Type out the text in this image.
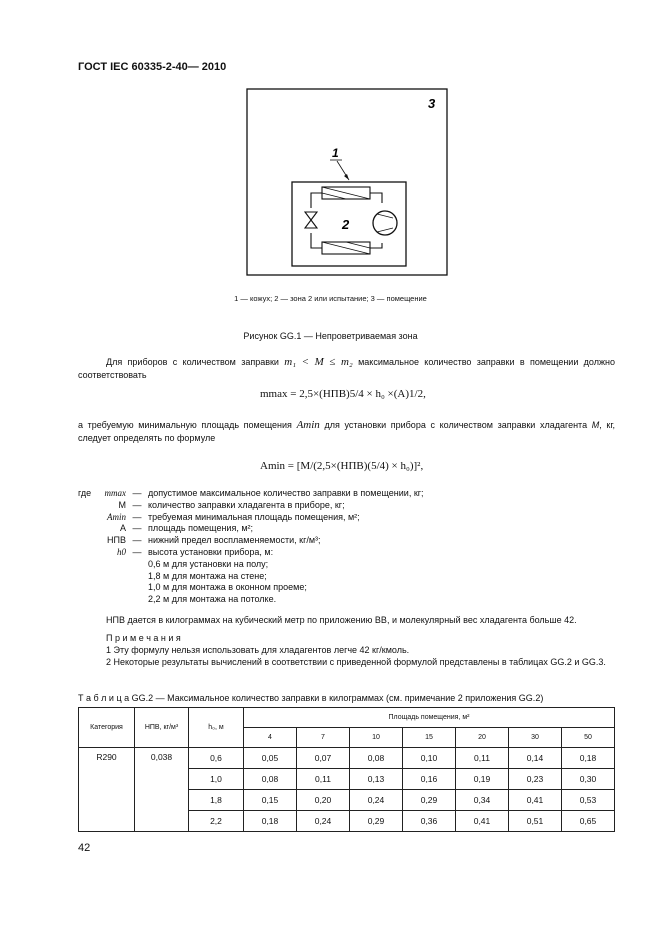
ГОСТ IEC 60335-2-40— 2010
3
2
1
1 — кожух; 2 — зона 2 или испытание; 3 — помещение
Рисунок GG.1 — Непроветриваемая зона
Для приборов с количеством заправки m₁ < M ≤ m₂ максимальное количество заправки в помещении должно соответствовать
mmax = 2,5×(НПВ)5/4 × h₀ ×(A)1/2,
а требуемую минимальную площадь помещения Amin для установки прибора с количеством заправки хладагента M, кг, следует определять по формуле
Amin = [M/(2,5×(НПВ)(5/4) × h₀)]²,
где	mmax — допустимое максимальное количество заправки в помещении, кг;
M — количество заправки хладагента в приборе, кг;
Amin — требуемая минимальная площадь помещения, м²;
A — площадь помещения, м²;
НПВ — нижний предел воспламеняемости, кг/м³;
h0 — высота установки прибора, м:
0,6 м для установки на полу;
1,8 м для монтажа на стене;
1,0 м для монтажа в оконном проеме;
2,2 м для монтажа на потолке.
НПВ дается в килограммах на кубический метр по приложению ВВ, и молекулярный вес хладагента больше 42.
П р и м е ч а н и я
1 Эту формулу нельзя использовать для хладагентов легче 42 кг/кмоль.
2 Некоторые результаты вычислений в соответствии с приведенной формулой представлены в таблицах GG.2 и GG.3.
Т а б л и ц а GG.2 — Максимальное количество заправки в килограммах (см. примечание 2 приложения GG.2)
Категория	НПВ, кг/м³	h₀, м	Площадь помещения, м²						
			4	7	10	15	20	30	50
R290	0,038	0,6	0,05	0,07	0,08	0,10	0,11	0,14	0,18
		1,0	0,08	0,11	0,13	0,16	0,19	0,23	0,30
		1,8	0,15	0,20	0,24	0,29	0,34	0,41	0,53
		2,2	0,18	0,24	0,29	0,36	0,41	0,51	0,65
42
